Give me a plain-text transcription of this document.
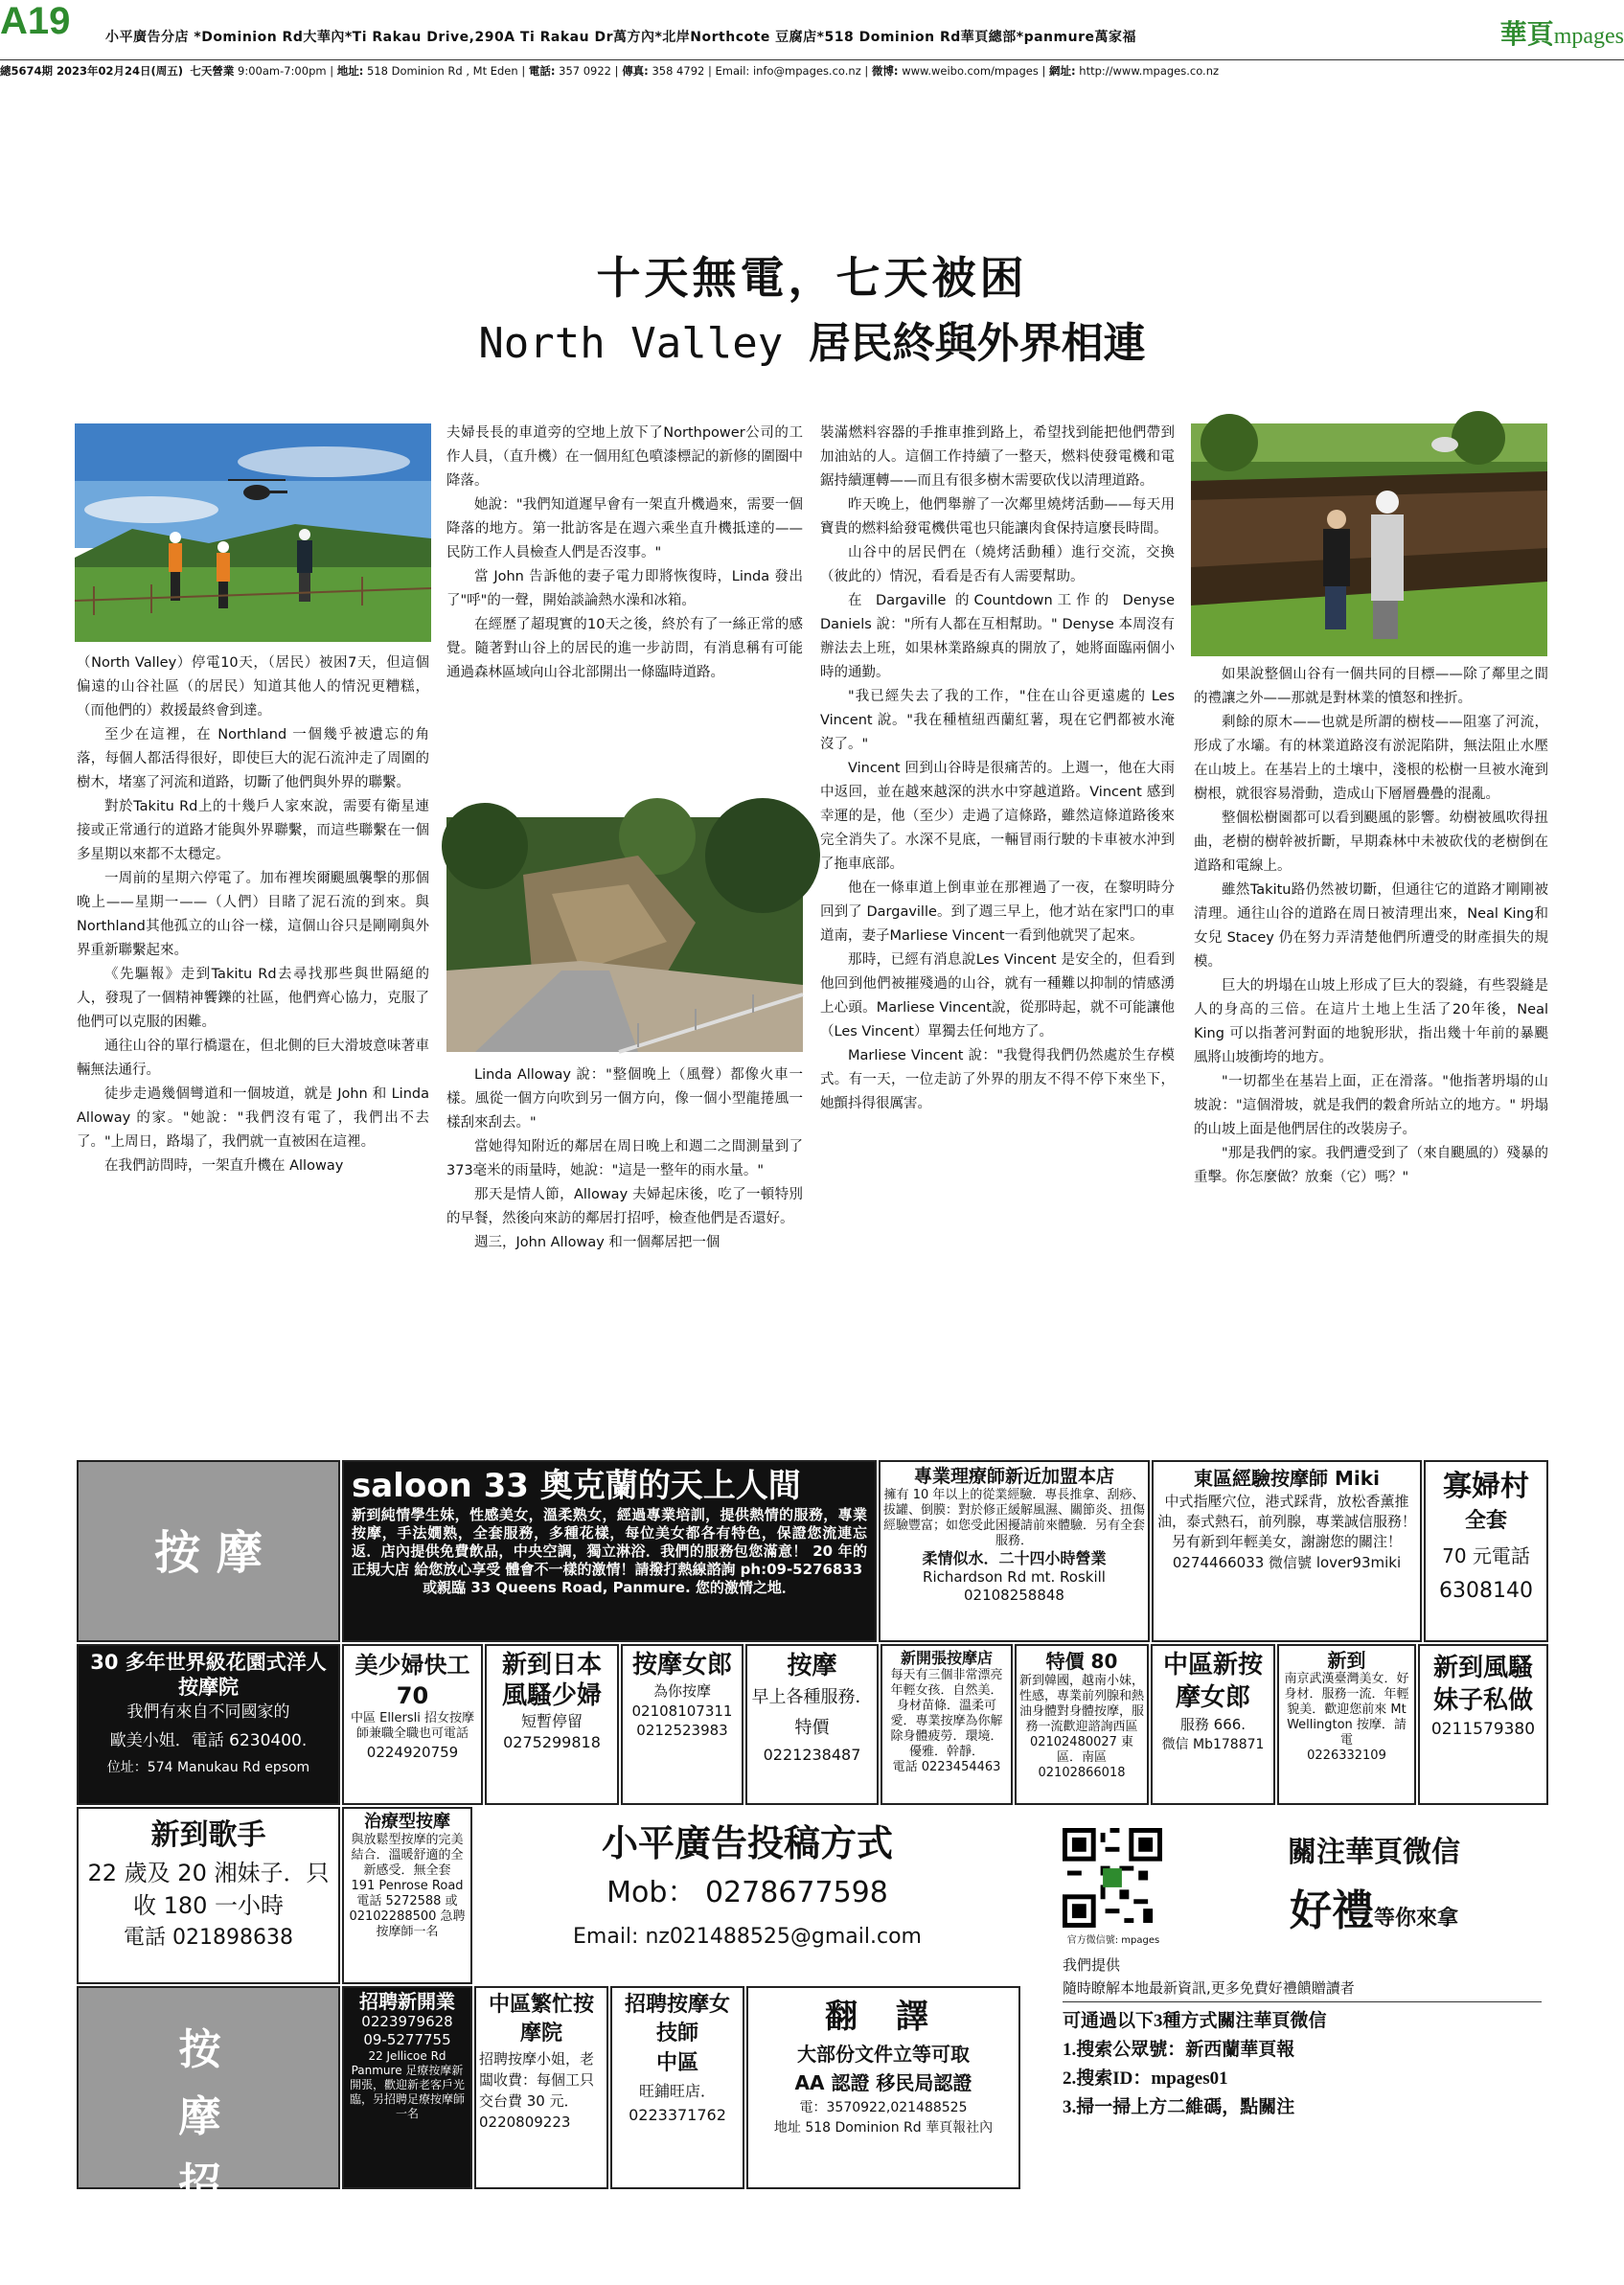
A19	小平廣告分店 *Dominion Rd大華內*Ti Rakau Drive,290A Ti Rakau Dr萬方內*北岸Northcote 豆腐店*518 Dominion Rd華頁總部*panmure萬家福	華頁mpages
總5674期 2023年02月24日(周五) 七天營業 9:00am-7:00pm | 地址: 518 Dominion Rd , Mt Eden | 電話: 357 0922 | 傳真: 358 4792 | Email: info@mpages.co.nz | 微博: www.weibo.com/mpages | 網址: http://www.mpages.co.nz
十天無電，七天被困
North Valley 居民終與外界相連

（North Valley）停電10天，（居民）被困7天，但這個偏遠的山谷社區（的居民）知道其他人的情況更糟糕，（而他們的）救援最終會到達。

至少在這裡，在 Northland 一個幾乎被遺忘的角落，每個人都活得很好，即使巨大的泥石流沖走了周圍的樹木，堵塞了河流和道路，切斷了他們與外界的聯繫。

對於Takitu Rd上的十幾戶人家來說，需要有衛星連接或正常通行的道路才能與外界聯繫，而這些聯繫在一個多星期以來都不太穩定。

一周前的星期六停電了。加布裡埃爾颶風襲擊的那個晚上——星期一——（人們）目睹了泥石流的到來。與Northland其他孤立的山谷一樣，這個山谷只是剛剛與外界重新聯繫起來。

《先驅報》走到Takitu Rd去尋找那些與世隔絕的人，發現了一個精神饗鑠的社區，他們齊心協力，克服了他們可以克服的困難。

通往山谷的單行橋還在，但北側的巨大滑坡意味著車輛無法通行。

徒步走過幾個彎道和一個坡道，就是 John 和 Linda Alloway 的家。"她說："我們沒有電了，我們出不去了。"上周日，路塌了，我們就一直被困在這裡。

在我們訪問時，一架直升機在 Alloway

夫婦長長的車道旁的空地上放下了Northpower公司的工作人員，（直升機）在一個用紅色噴漆標記的新修的圍圈中降落。

她說："我們知道遲早會有一架直升機過來，需要一個降落的地方。第一批訪客是在週六乘坐直升機抵達的——民防工作人員檢查人們是否沒事。"

當 John 告訴他的妻子電力即將恢復時，Linda 發出了"呼"的一聲，開始談論熱水澡和冰箱。

在經歷了超現實的10天之後，終於有了一絲正常的感覺。隨著對山谷上的居民的進一步訪問，有消息稱有可能通過森林區域向山谷北部開出一條臨時道路。

Linda Alloway 說："整個晚上（風聲）都像火車一樣。風從一個方向吹到另一個方向，像一個小型龍捲風一樣刮來刮去。"

當她得知附近的鄰居在周日晚上和週二之間測量到了373毫米的雨量時，她說："這是一整年的雨水量。"

那天是情人節，Alloway 夫婦起床後，吃了一頓特別的早餐，然後向來訪的鄰居打招呼，檢查他們是否還好。

週三，John Alloway 和一個鄰居把一個

裝滿燃料容器的手推車推到路上，希望找到能把他們帶到加油站的人。這個工作持續了一整天，燃料使發電機和電鋸持續運轉——而且有很多樹木需要砍伐以清理道路。

昨天晚上，他們舉辦了一次鄰里燒烤活動——每天用寶貴的燃料給發電機供電也只能讓肉食保持這麼長時間。

山谷中的居民們在（燒烤活動種）進行交流，交換（彼此的）情況，看看是否有人需要幫助。

在 Dargaville 的Countdown工作的 Denyse Daniels 說："所有人都在互相幫助。" Denyse 本周沒有辦法去上班，如果林業路線真的開放了，她將面臨兩個小時的通勤。

"我已經失去了我的工作，"住在山谷更遠處的 Les Vincent 說。"我在種植紐西蘭紅薯，現在它們都被水淹沒了。"

Vincent 回到山谷時是很痛苦的。上週一，他在大雨中返回，並在越來越深的洪水中穿越道路。Vincent 感到幸運的是，他（至少）走過了這條路，雖然這條道路後來完全消失了。水深不見底，一輛冒雨行駛的卡車被水沖到了拖車底部。

他在一條車道上倒車並在那裡過了一夜，在黎明時分回到了 Dargaville。到了週三早上，他才站在家門口的車道南，妻子Marliese Vincent一看到他就哭了起來。

那時，已經有消息說Les Vincent 是安全的，但看到他回到他們被摧殘過的山谷，就有一種難以抑制的情感湧上心頭。Marliese Vincent說，從那時起，就不可能讓他（Les Vincent）單獨去任何地方了。

Marliese Vincent 說："我覺得我們仍然處於生存模式。有一天，一位走訪了外界的朋友不得不停下來坐下，她顫抖得很厲害。

如果說整個山谷有一個共同的目標——除了鄰里之間的禮讓之外——那就是對林業的憤怒和挫折。

剩餘的原木——也就是所謂的樹枝——阻塞了河流，形成了水壩。有的林業道路沒有淤泥陷阱，無法阻止水壓在山坡上。在基岩上的土壤中，淺根的松樹一旦被水淹到樹根，就很容易滑動，造成山下層層疊疊的混亂。

整個松樹園都可以看到颶風的影響。幼樹被風吹得扭曲，老樹的樹幹被折斷，早期森林中未被砍伐的老樹倒在道路和電線上。

雖然Takitu路仍然被切斷，但通往它的道路才剛剛被清理。通往山谷的道路在周日被清理出來，Neal King和女兒 Stacey 仍在努力弄清楚他們所遭受的財產損失的規模。

巨大的坍塌在山坡上形成了巨大的裂縫，有些裂縫是人的身高的三倍。在這片土地上生活了20年後，Neal King 可以指著河對面的地貌形狀，指出幾十年前的暴颶風將山坡衝垮的地方。

"一切都坐在基岩上面，正在滑落。"他指著坍塌的山坡說："這個滑坡，就是我們的穀倉所站立的地方。" 坍塌的山坡上面是他們居住的改裝房子。

"那是我們的家。我們遭受到了（來自颶風的）殘暴的重擊。你怎麼做？放棄（它）嗎？"

按 摩
saloon 33 奧克蘭的天上人間
新到純情學生妹，性感美女，溫柔熟女，經過專業培訓，提供熱情的服務，專業按摩，手法嫺熟，全套服務，多種花樣，每位美女都各有特色，保證您流連忘返．店內提供免費飲品，中央空調，獨立淋浴．我們的服務包您滿意！ 20 年的正規大店 給您放心享受 體會不一樣的激情！請撥打熱線諮詢 ph:09-5276833
或親臨 33 Queens Road, Panmure. 您的激情之地．
專業理療師新近加盟本店
擁有 10 年以上的從業經驗．專長推拿、刮痧、拔罐、倒膜：對於修正緩解風濕、關節炎、扭傷經驗豐富；如您受此困擾請前來體驗．另有全套服務．
柔情似水．二十四小時營業
Richardson Rd mt. Roskill
02108258848
東區經驗按摩師 Miki
中式指壓穴位，港式踩背，放松香薰推油，泰式熱石，前列腺，專業誠信服務！另有新到年輕美女，謝謝您的關注！
0274466033 微信號 lover93miki
寡婦村
全套
70 元電話
6308140
30 多年世界級花園式洋人按摩院
我們有來自不同國家的
歐美小姐．電話 6230400.
位址：574 Manukau Rd epsom
美少婦快工 70
中區 Ellersli 招女按摩師兼職全職也可電話
0224920759
新到日本風騷少婦
短暫停留
0275299818
按摩女郎
為你按摩
02108107311
0212523983
按摩
早上各種服務．特價
0221238487
新開張按摩店
每天有三個非常漂亮年輕女孩．自然美．身材苗條．溫柔可愛．專業按摩為你解除身體疲勞．環境．優雅．幹靜．
電話 0223454463
特價 80
新到韓國，越南小妹，性感，專業前列腺和熱油身體對身體按摩，服務一流歡迎諮詢西區
02102480027 東區．南區 02102866018
中區新按摩女郎
服務 666.
微信 Mb178871
新到
南京武漢臺灣美女．好身材．服務一流．年輕貌美．歡迎您前來 Mt Wellington 按摩．請電
0226332109
新到風騷妹子私做
0211579380
新到歌手
22 歲及 20 湘妹子．只收 180 一小時
電話 021898638
治療型按摩
與放鬆型按摩的完美結合．溫暖舒適的全新感受．無全套
191 Penrose Road
電話 5272588 或 02102288500 急聘按摩師一名
小平廣告投稿方式
Mob： 0278677598
Email: nz021488525@gmail.com	官方微信號: mpages
關注華頁微信
好禮等你來拿
我們提供
隨時瞭解本地最新資訊,更多免費好禮饋贈讀者
可通過以下3種方式關注華頁微信
1.搜索公眾號：新西蘭華頁報
2.搜索ID：mpages01
3.掃一掃上方二維碼，點關注
按 摩 招 聘
招聘新開業
0223979628
09-5277755
22 Jellicoe Rd Panmure 足療按摩新開張，歡迎新老客戶光臨，另招聘足療按摩師一名
中區繁忙按摩院
招聘按摩小姐，老闆收費：每個工只交台費 30 元．0220809223
招聘按摩女技師
中區
旺鋪旺店．
0223371762
翻 譯
大部份文件立等可取
AA 認證 移民局認證
電：3570922,021488525
地址 518 Dominion Rd 華頁報社內
